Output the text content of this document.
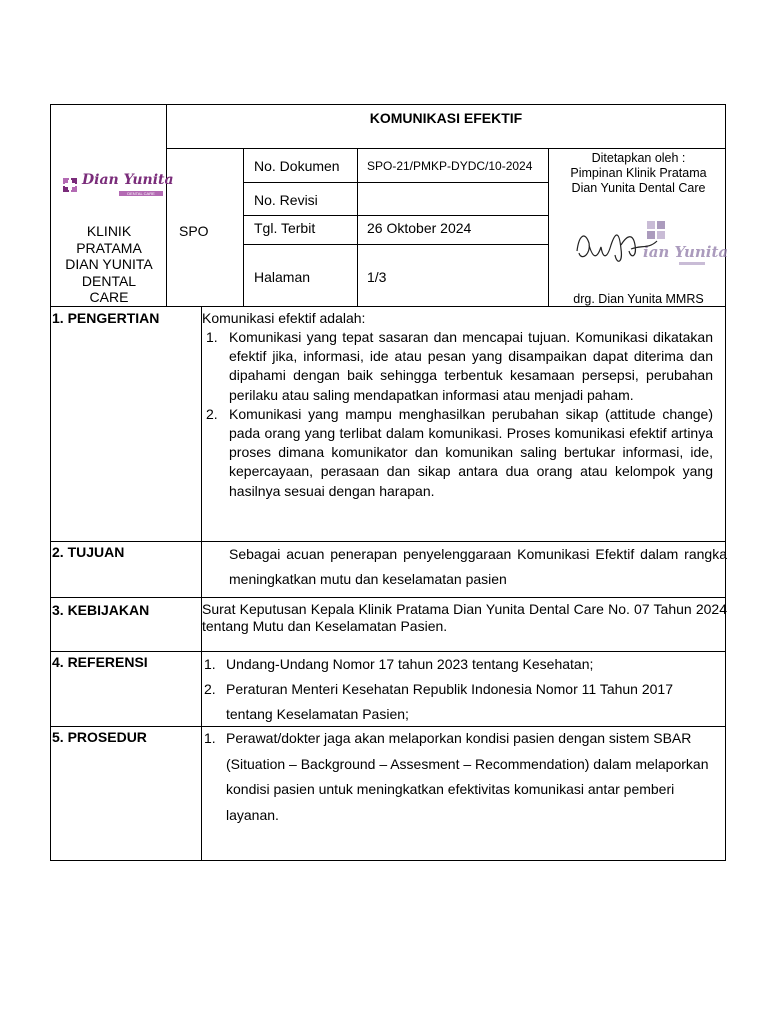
KOMUNIKASI EFEKTIF
Dian Yunita
DENTAL CARE
KLINIK
PRATAMA
DIAN YUNITA
DENTAL
CARE
SPO
No. Dokumen SPO-21/PMKP-DYDC/10-2024
No. Revisi
Tgl. Terbit	26 Oktober 2024
Halaman	1/3
Ditetapkan oleh :
Pimpinan Klinik Pratama
Dian Yunita Dental Care
ian Yunita
drg. Dian Yunita MMRS
1. PENGERTIAN	Komunikasi efektif adalah:
1. Komunikasi yang tepat sasaran dan mencapai tujuan. Komunikasi dikatakan efektif jika, informasi, ide atau pesan yang disampaikan dapat diterima dan dipahami dengan baik sehingga terbentuk kesamaan persepsi, perubahan perilaku atau saling mendapatkan informasi atau menjadi paham.
2. Komunikasi yang mampu menghasilkan perubahan sikap (attitude change) pada orang yang terlibat dalam komunikasi. Proses komunikasi efektif artinya proses dimana komunikator dan komunikan saling bertukar informasi, ide, kepercayaan, perasaan dan sikap antara dua orang atau kelompok yang hasilnya sesuai dengan harapan.
2. TUJUAN	Sebagai acuan penerapan penyelenggaraan Komunikasi Efektif dalam rangka meningkatkan mutu dan keselamatan pasien
3. KEBIJAKAN	Surat Keputusan Kepala Klinik Pratama Dian Yunita Dental Care No. 07 Tahun 2024 tentang Mutu dan Keselamatan Pasien.
4. REFERENSI	1. Undang-Undang Nomor 17 tahun 2023 tentang Kesehatan;
2. Peraturan Menteri Kesehatan Republik Indonesia Nomor 11 Tahun 2017 tentang Keselamatan Pasien;
5. PROSEDUR	1. Perawat/dokter jaga akan melaporkan kondisi pasien dengan sistem SBAR (Situation – Background – Assesment – Recommendation) dalam melaporkan kondisi pasien untuk meningkatkan efektivitas komunikasi antar pemberi layanan.
